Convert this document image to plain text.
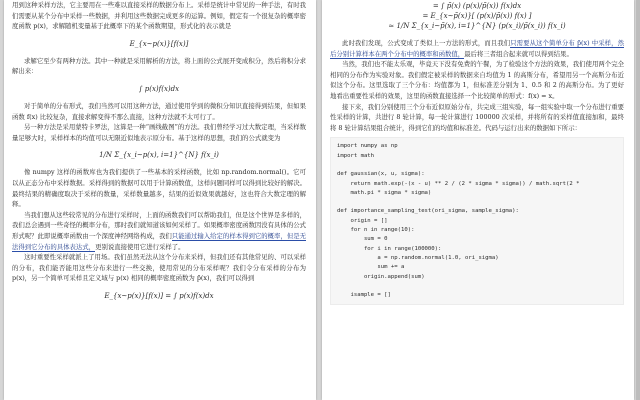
用到这种采样方法，它主要用在一些难以直接采样的数据分布上。采样是统计中常见的一种手法，有时我们需要从某个分布中采样一些数据，并利用这些数据完成更多的运算。例如，假定有一个很复杂的概率密度函数 p(x)，求解随机变量基于此概率下的某个函数期望，形式化的表示就是

E_{x~p(x)}[f(x)]

求解它至少有两种方法。其中一种就是采用解析的方法，将上面的公式展开变成积分，然后将积分求解出来：

∫ p(x)f(x)dx

对于简单的分布形式，我们当然可以用这种方法，通过使用学到的微积分知识直接得到结果，但如果函数 f(x) 比较复杂，直接求解变得不那么直接，这种方法就不太可行了。

另一种方法是采用蒙特卡罗法，这算是一种“画线截图”的方法。我们曾经学习过大数定理，当采样数量足够大时，采样样本的均值可以无限近似地表示原分布。基于这样的思想，我们的公式就变为

1/N Σ_{x_i~p(x), i=1}^{N} f(x_i)

像 numpy 这样的函数库也为我们提供了一些基本的采样函数，比如 np.random.normal()。它可以从正态分布中采样数据。采样得到的数据可以用于计算函数值，这样问题同样可以得到比较好的解决。最终结果的精确度取决于采样的数量，采样数量越多，结果的近似效果就越好，这也符合大数定理的解释。

当我们想从这些较常见的分布进行采样时，上面的函数我们可以帮助我们，但是这个世界是多样的，我们总会遇到一些奇怪的概率分布，那时我们就知道该如何采样了。如果概率密度函数因没有具体的公式形式呢？此即说概率函数由一个深度神经网络构成，我们只能通过输入给定的样本得到它的概率，但是无法得到它分布的具体表达式，更别说直接使用它进行采样了。

这时重要性采样就派上了用场。我们虽然无法从这个分布来采样，但我们还有其他常见的、可以采样的分布，我们能否能用这些分布来进行一些交换，使用常见的分布采样呢？我们令分布采样的分布为 p(x)，另一个简单可采样且定义域与 p(x) 相同的概率密度函数为 p̃(x)，我们可以得到

E_{x~p(x)}[f(x)] = ∫ p(x)f(x)dx
= ∫ p̃(x) (p(x)/p̃(x)) f(x)dx
= E_{x~p̃(x)}[ (p(x)/p̃(x)) f(x) ]
≃ 1/N Σ_{x_i~p̃(x), i=1}^{N} (p(x_i)/p̃(x_i)) f(x_i)

此时我们发现，公式变成了类似上一方法的形式，而且我们只需要从这个简单分布 p̃(x) 中采样，然后分别计算样本在两个分布中的概率和函数值，最后将三者组合起来就可以得到结果。

当然，我们也不能太乐观，毕竟天下没有免费的午餐，为了检验这个方法的效果，我们使用两个完全相同的分布作为实验对象。我们假定被采样的数据来自均值为 1 的高斯分布，希望用另一个高斯分布近似这个分布。这里选取了三个分布：均值都为 1，但标准差分别为 1、0.5 和 2 的高斯分布。为了更好地看出重要性采样的效果，这里的函数直接选择一个比较简单的形式：f(x) = x。

接下来，我们分别使用三个分布近似原始分布，共完成三组实验，每一组实验中取一个分布进行重要性采样的计算，共进行 8 轮计算，每一轮计算进行 100000 次采样，并将所有的采样值直接加和，最终将 8 轮计算结果组合统计，得到它们的均值和标准差。代码与运行出来的数据如下所示：

import numpy as np
import math

def gaussian(x, u, sigma):
return math.exp(-(x - u) ** 2 / (2 * sigma * sigma)) / math.sqrt(2 *
math.pi * sigma * sigma)

def importance_sampling_test(ori_sigma, sample_sigma):
origin = []
for n in range(10):
sum = 0
for i in range(100000):
a = np.random.normal(1.0, ori_sigma)
sum += a
origin.append(sum)

isample = []
